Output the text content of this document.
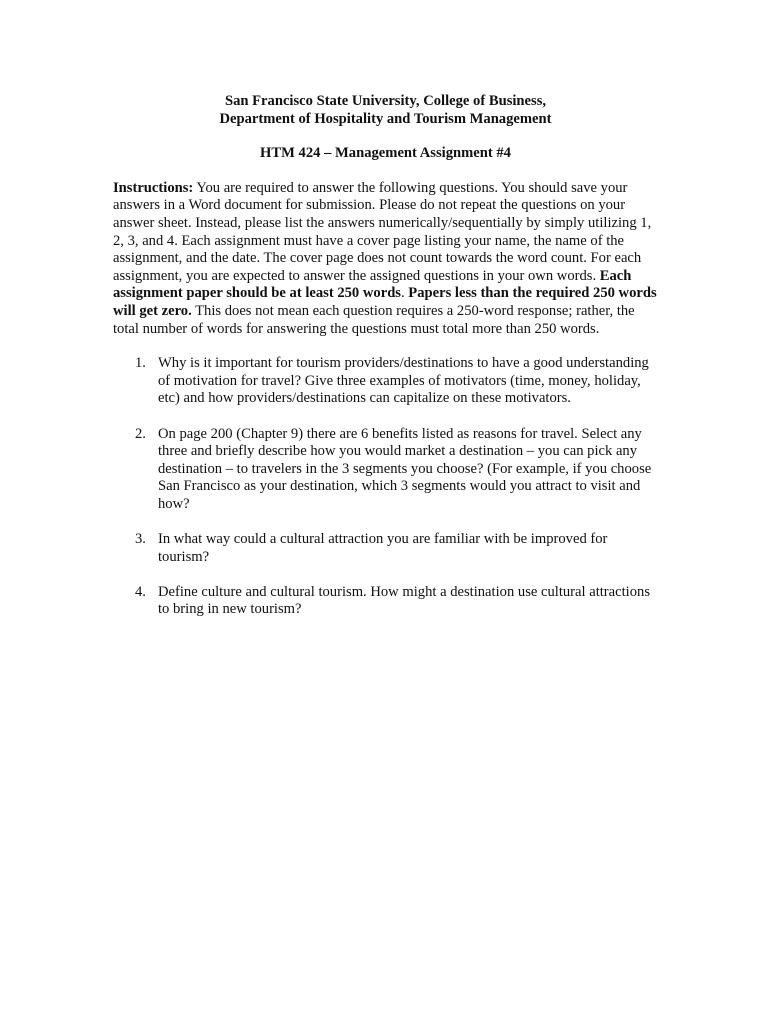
San Francisco State University, College of Business,
Department of Hospitality and Tourism Management
HTM 424 – Management Assignment #4
Instructions: You are required to answer the following questions. You should save your answers in a Word document for submission. Please do not repeat the questions on your answer sheet. Instead, please list the answers numerically/sequentially by simply utilizing 1, 2, 3, and 4. Each assignment must have a cover page listing your name, the name of the assignment, and the date. The cover page does not count towards the word count. For each assignment, you are expected to answer the assigned questions in your own words. Each assignment paper should be at least 250 words. Papers less than the required 250 words will get zero. This does not mean each question requires a 250-word response; rather, the total number of words for answering the questions must total more than 250 words.
1. Why is it important for tourism providers/destinations to have a good understanding of motivation for travel? Give three examples of motivators (time, money, holiday, etc) and how providers/destinations can capitalize on these motivators.
2. On page 200 (Chapter 9) there are 6 benefits listed as reasons for travel. Select any three and briefly describe how you would market a destination – you can pick any destination – to travelers in the 3 segments you choose? (For example, if you choose San Francisco as your destination, which 3 segments would you attract to visit and how?
3. In what way could a cultural attraction you are familiar with be improved for tourism?
4. Define culture and cultural tourism. How might a destination use cultural attractions to bring in new tourism?
